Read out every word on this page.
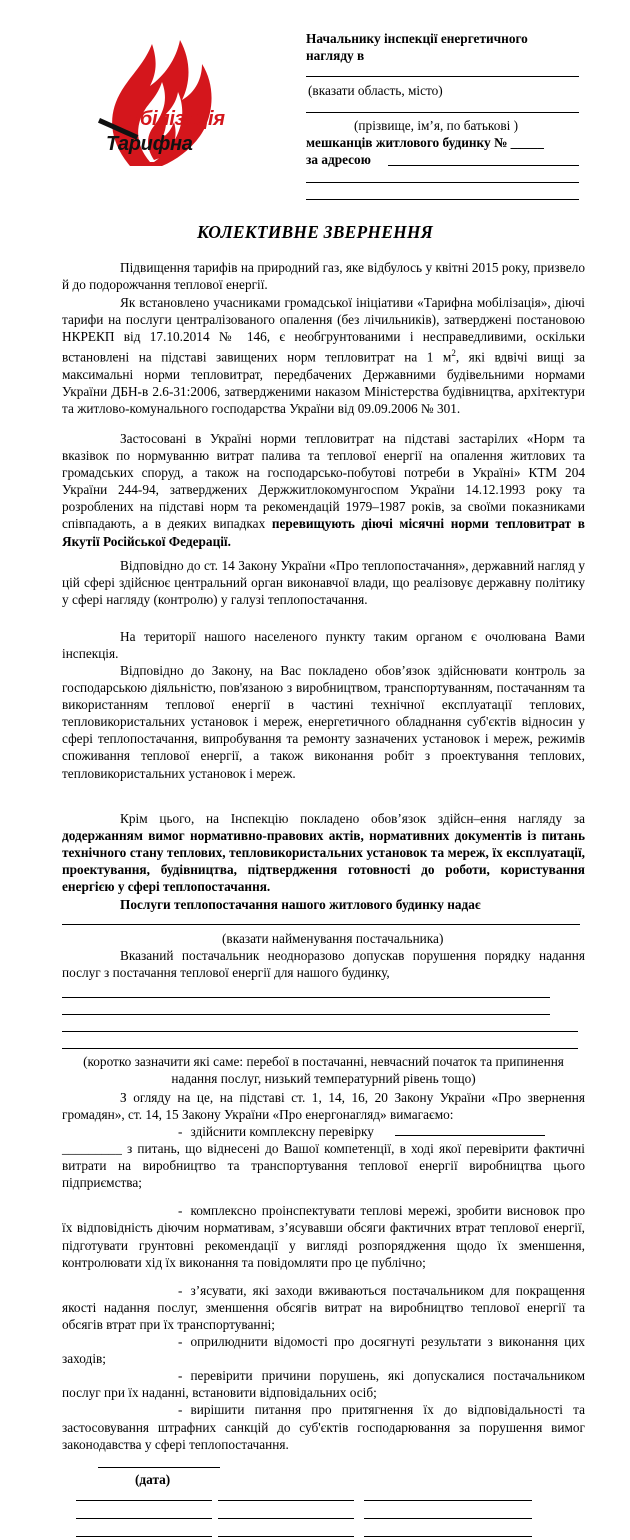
обілізація
Тарифна
Начальнику інспекції енергетичного
нагляду в
(вказати область, місто)
(прізвище, ім’я, по батькові )
мешканців житлового будинку № _____
за адресою
КОЛЕКТИВНЕ ЗВЕРНЕННЯ
Підвищення тарифів на природний газ, яке відбулось у квітні 2015 року, призвело й до подорожчання теплової енергії.
Як встановлено учасниками громадської ініціативи «Тарифна мобілізація», діючі тарифи на послуги централізованого опалення (без лічильників), затверджені постановою НКРЕКП від 17.10.2014 № 146, є необгрунтованими і несправедливими, оскільки встановлені на підставі завищених норм тепловитрат на 1 $м^2$, які вдвічі вищі за максимальні норми тепловитрат, передбачених Державними будівельними нормами України ДБН-в 2.6-31:2006, затвердженими наказом Міністерства будівництва, архітектури та житлово-комунального господарства України від 09.09.2006 № 301.
Застосовані в Україні норми тепловитрат на підставі застарілих «Норм та вказівок по нормуванню витрат палива та теплової енергії на опалення житлових та громадських споруд, а також на господарсько-побутові потреби в Україні» КТМ 204 України 244-94, затверджених Держжитлокомунгоспом України 14.12.1993 року та розроблених на підставі норм та рекомендацій 1979–1987 років, за своїми показниками співпадають, а в деяких випадках перевищують діючі місячні норми тепловитрат в Якутії Російської Федерації.
Відповідно до ст. 14 Закону України «Про теплопостачання», державний нагляд у цій сфері здійснює центральний орган виконавчої влади, що реалізовує державну політику у сфері нагляду (контролю) у галузі теплопостачання.
На території нашого населеного пункту таким органом є очолювана Вами інспекція.
Відповідно до Закону, на Вас покладено обов’язок здійснювати контроль за господарською діяльністю, пов'язаною з виробництвом, транспортуванням, постачанням та використанням теплової енергії в частині технічної експлуатації теплових, тепловикористальних установок і мереж, енергетичного обладнання суб'єктів відносин у сфері теплопостачання, випробування та ремонту зазначених установок і мереж, режимів споживання теплової енергії, а також виконання робіт з проектування теплових, тепловикористальних установок і мереж.
Крім цього, на Інспекцію покладено обов’язок здійсн–ення нагляду за додержанням вимог нормативно-правових актів, нормативних документів із питань технічного стану теплових, тепловикористальних установок та мереж, їх експлуатації, проектування, будівництва, підтвердження готовності до роботи, користування енергією у сфері теплопостачання.
Послуги теплопостачання нашого житлового будинку надає
(вказати найменування постачальника)
Вказаний постачальник неодноразово допускав порушення порядку надання послуг з постачання теплової енергії для нашого будинку,
(коротко зазначити які саме: перебої в постачанні, невчасний початок та припинення надання послуг, низький температурний рівень тощо)
З огляду на це, на підставі ст. 1, 14, 16, 20 Закону України «Про звернення громадян», ст. 14, 15 Закону України «Про енергонагляд» вимагаємо:
- здійснити комплексну перевірку

_________ з питань, що віднесені до Вашої компетенції, в ході якої перевірити фактичні витрати на виробництво та транспортування теплової енергії виробництва цього підприємства;
- комплексно проінспектувати теплові мережі, зробити висновок про їх відповідність діючим нормативам, з’ясувавши обсяги фактичних втрат теплової енергії, підготувати грунтовні рекомендації у вигляді розпорядження щодо їх зменшення, контролювати хід їх виконання та повідомляти про це публічно;
- з’ясувати, які заходи вживаються постачальником для покращення якості надання послуг, зменшення обсягів витрат на виробництво теплової енергії та обсягів втрат при їх транспортуванні;
- оприлюднити відомості про досягнуті результати з виконання цих заходів;
- перевірити причини порушень, які допускалися постачальником послуг при їх наданні, встановити відповідальних осіб;
- вирішити питання про притягнення їх до відповідальності та застосовування штрафних санкцій до суб'єктів господарювання за порушення вимог законодавства у сфері теплопостачання.
(дата)
